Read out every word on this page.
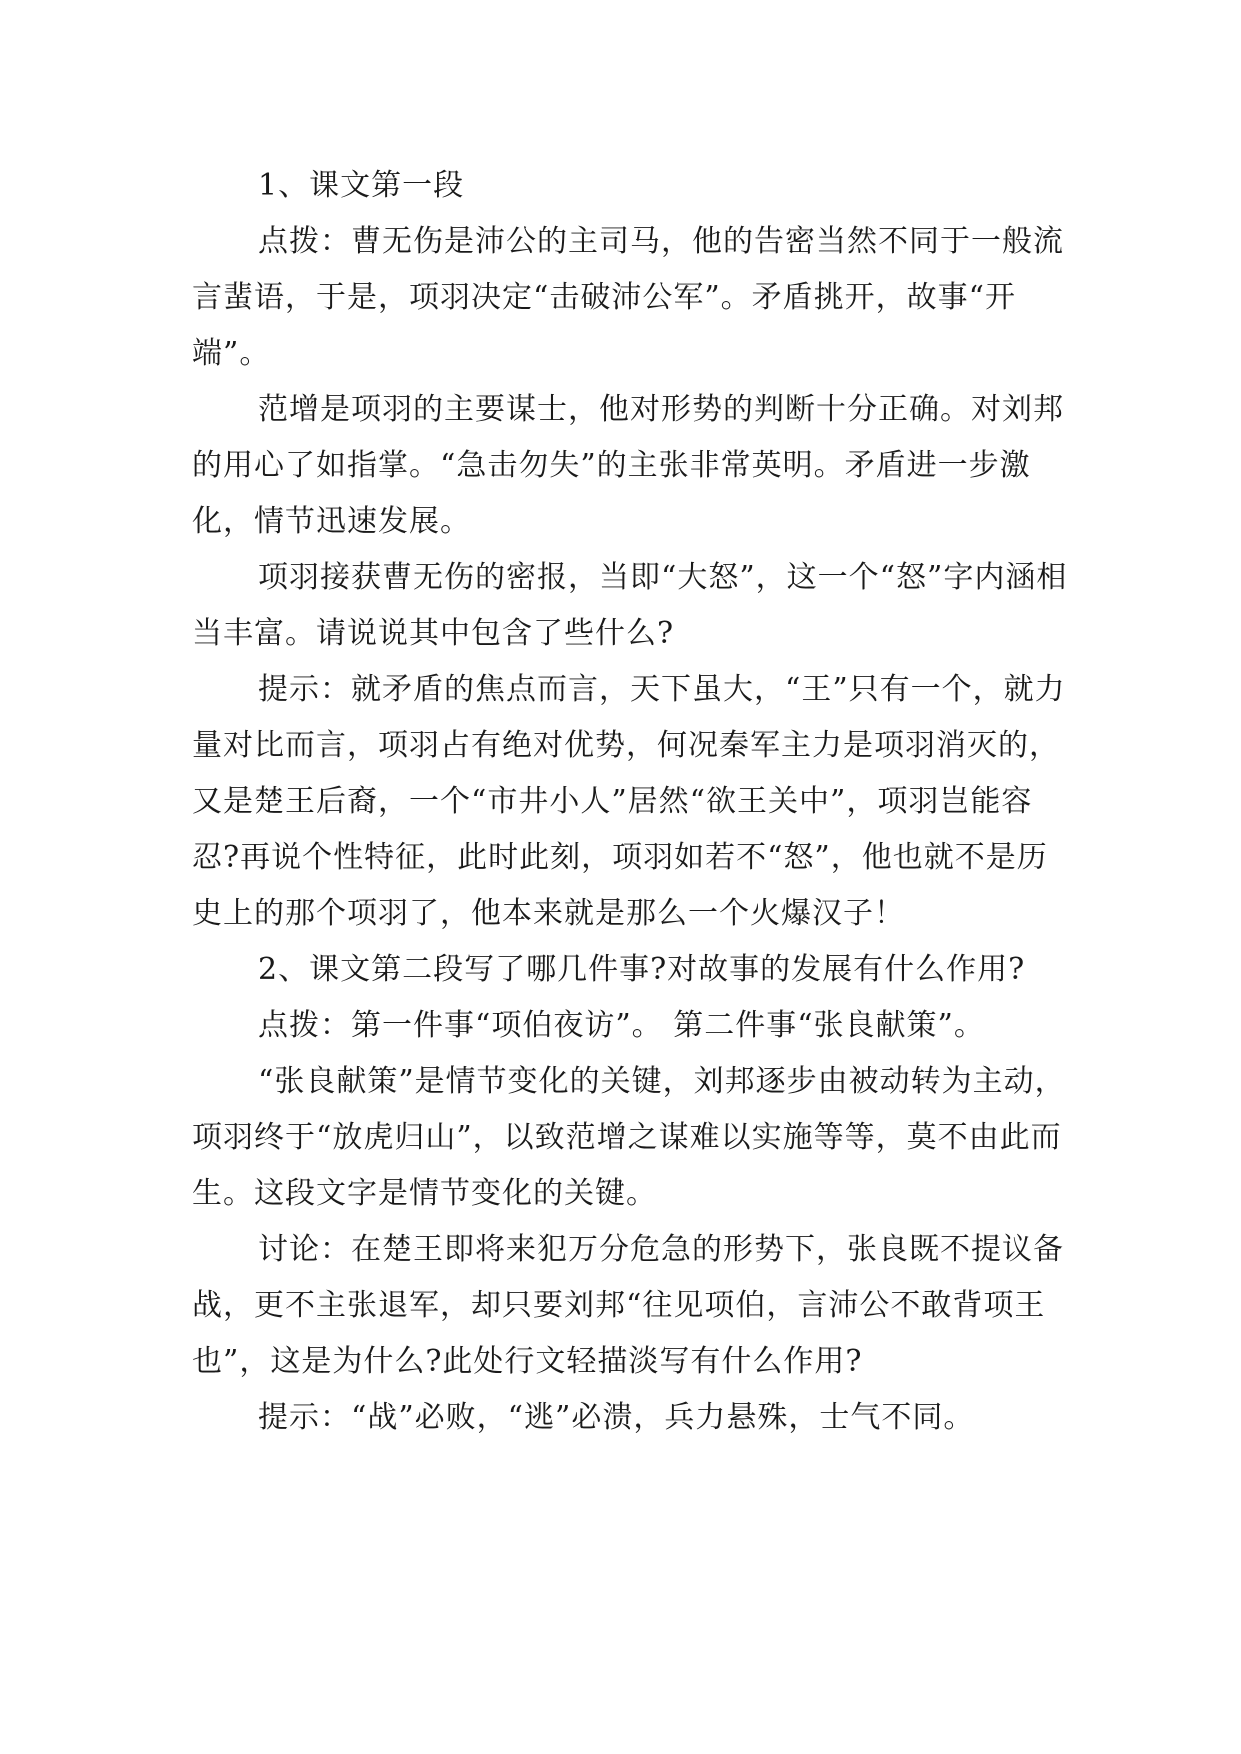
1、课文第一段

点拨：曹无伤是沛公的主司马，他的告密当然不同于一般流言蜚语，于是，项羽决定“击破沛公军”。矛盾挑开，故事“开端”。

范增是项羽的主要谋士，他对形势的判断十分正确。对刘邦的用心了如指掌。“急击勿失”的主张非常英明。矛盾进一步激化，情节迅速发展。

项羽接获曹无伤的密报，当即“大怒”，这一个“怒”字内涵相当丰富。请说说其中包含了些什么?

提示：就矛盾的焦点而言，天下虽大，“王”只有一个，就力量对比而言，项羽占有绝对优势，何况秦军主力是项羽消灭的，又是楚王后裔，一个“市井小人”居然“欲王关中”，项羽岂能容忍?再说个性特征，此时此刻，项羽如若不“怒”，他也就不是历史上的那个项羽了，他本来就是那么一个火爆汉子！

2、课文第二段写了哪几件事?对故事的发展有什么作用?

点拨：第一件事“项伯夜访”。 第二件事“张良献策”。

“张良献策”是情节变化的关键，刘邦逐步由被动转为主动，项羽终于“放虎归山”，以致范增之谋难以实施等等，莫不由此而生。这段文字是情节变化的关键。

讨论：在楚王即将来犯万分危急的形势下，张良既不提议备战，更不主张退军，却只要刘邦“往见项伯，言沛公不敢背项王也”，这是为什么?此处行文轻描淡写有什么作用?

提示：“战”必败，“逃”必溃，兵力悬殊，士气不同。
